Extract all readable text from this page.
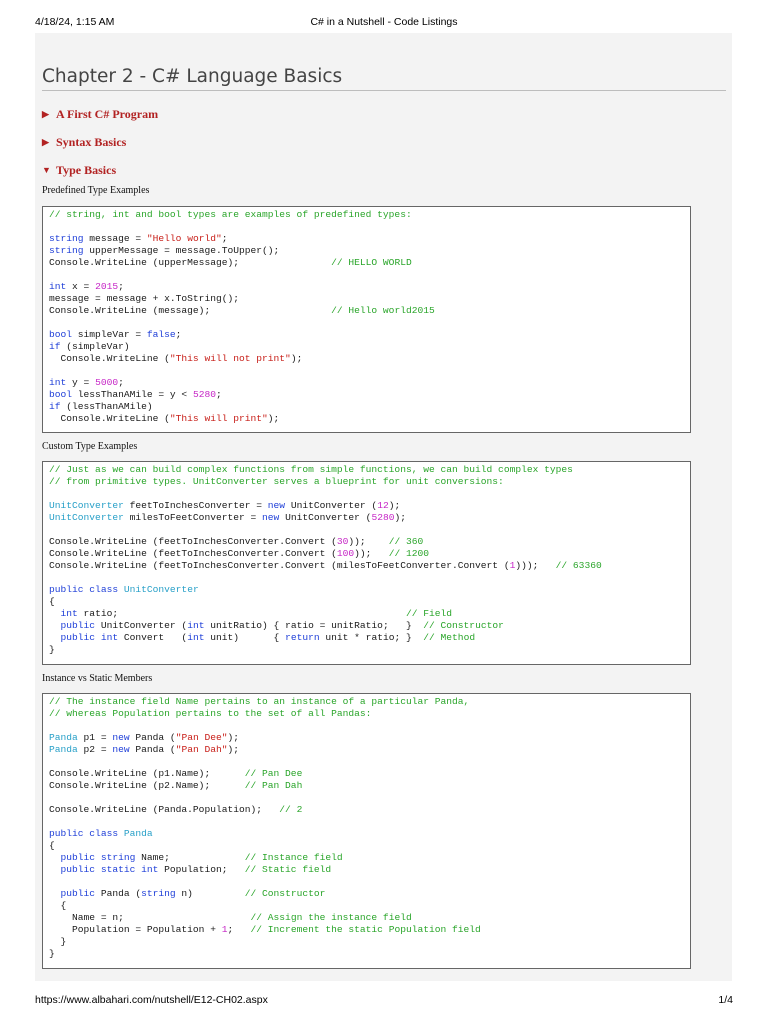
4/18/24, 1:15 AM	C# in a Nutshell - Code Listings
Chapter 2 - C# Language Basics
▶ A First C# Program
▶ Syntax Basics
▼ Type Basics
Predefined Type Examples
// string, int and bool types are examples of predefined types:
string message = "Hello world";
string upperMessage = message.ToUpper();
Console.WriteLine (upperMessage);                // HELLO WORLD
int x = 2015;
message = message + x.ToString();
Console.WriteLine (message);                     // Hello world2015
bool simpleVar = false;
if (simpleVar)
Console.WriteLine ("This will not print");
int y = 5000;
bool lessThanAMile = y < 5280;
if (lessThanAMile)
Console.WriteLine ("This will print");
Custom Type Examples
// Just as we can build complex functions from simple functions, we can build complex types
// from primitive types. UnitConverter serves a blueprint for unit conversions:
UnitConverter feetToInchesConverter = new UnitConverter (12);
UnitConverter milesToFeetConverter = new UnitConverter (5280);
Console.WriteLine (feetToInchesConverter.Convert (30));    // 360
Console.WriteLine (feetToInchesConverter.Convert (100));   // 1200
Console.WriteLine (feetToInchesConverter.Convert (milesToFeetConverter.Convert (1)));   // 63360
public class UnitConverter
{
int ratio;                                                  // Field
public UnitConverter (int unitRatio) { ratio = unitRatio;   }  // Constructor
public int Convert   (int unit)      { return unit * ratio; }  // Method
}
Instance vs Static Members
// The instance field Name pertains to an instance of a particular Panda,
// whereas Population pertains to the set of all Pandas:
Panda p1 = new Panda ("Pan Dee");
Panda p2 = new Panda ("Pan Dah");
Console.WriteLine (p1.Name);      // Pan Dee
Console.WriteLine (p2.Name);      // Pan Dah
Console.WriteLine (Panda.Population);   // 2
public class Panda
{
public string Name;             // Instance field
public static int Population;   // Static field
public Panda (string n)         // Constructor
{
Name = n;                      // Assign the instance field
Population = Population + 1;   // Increment the static Population field
}
}
https://www.albahari.com/nutshell/E12-CH02.aspx	1/4
